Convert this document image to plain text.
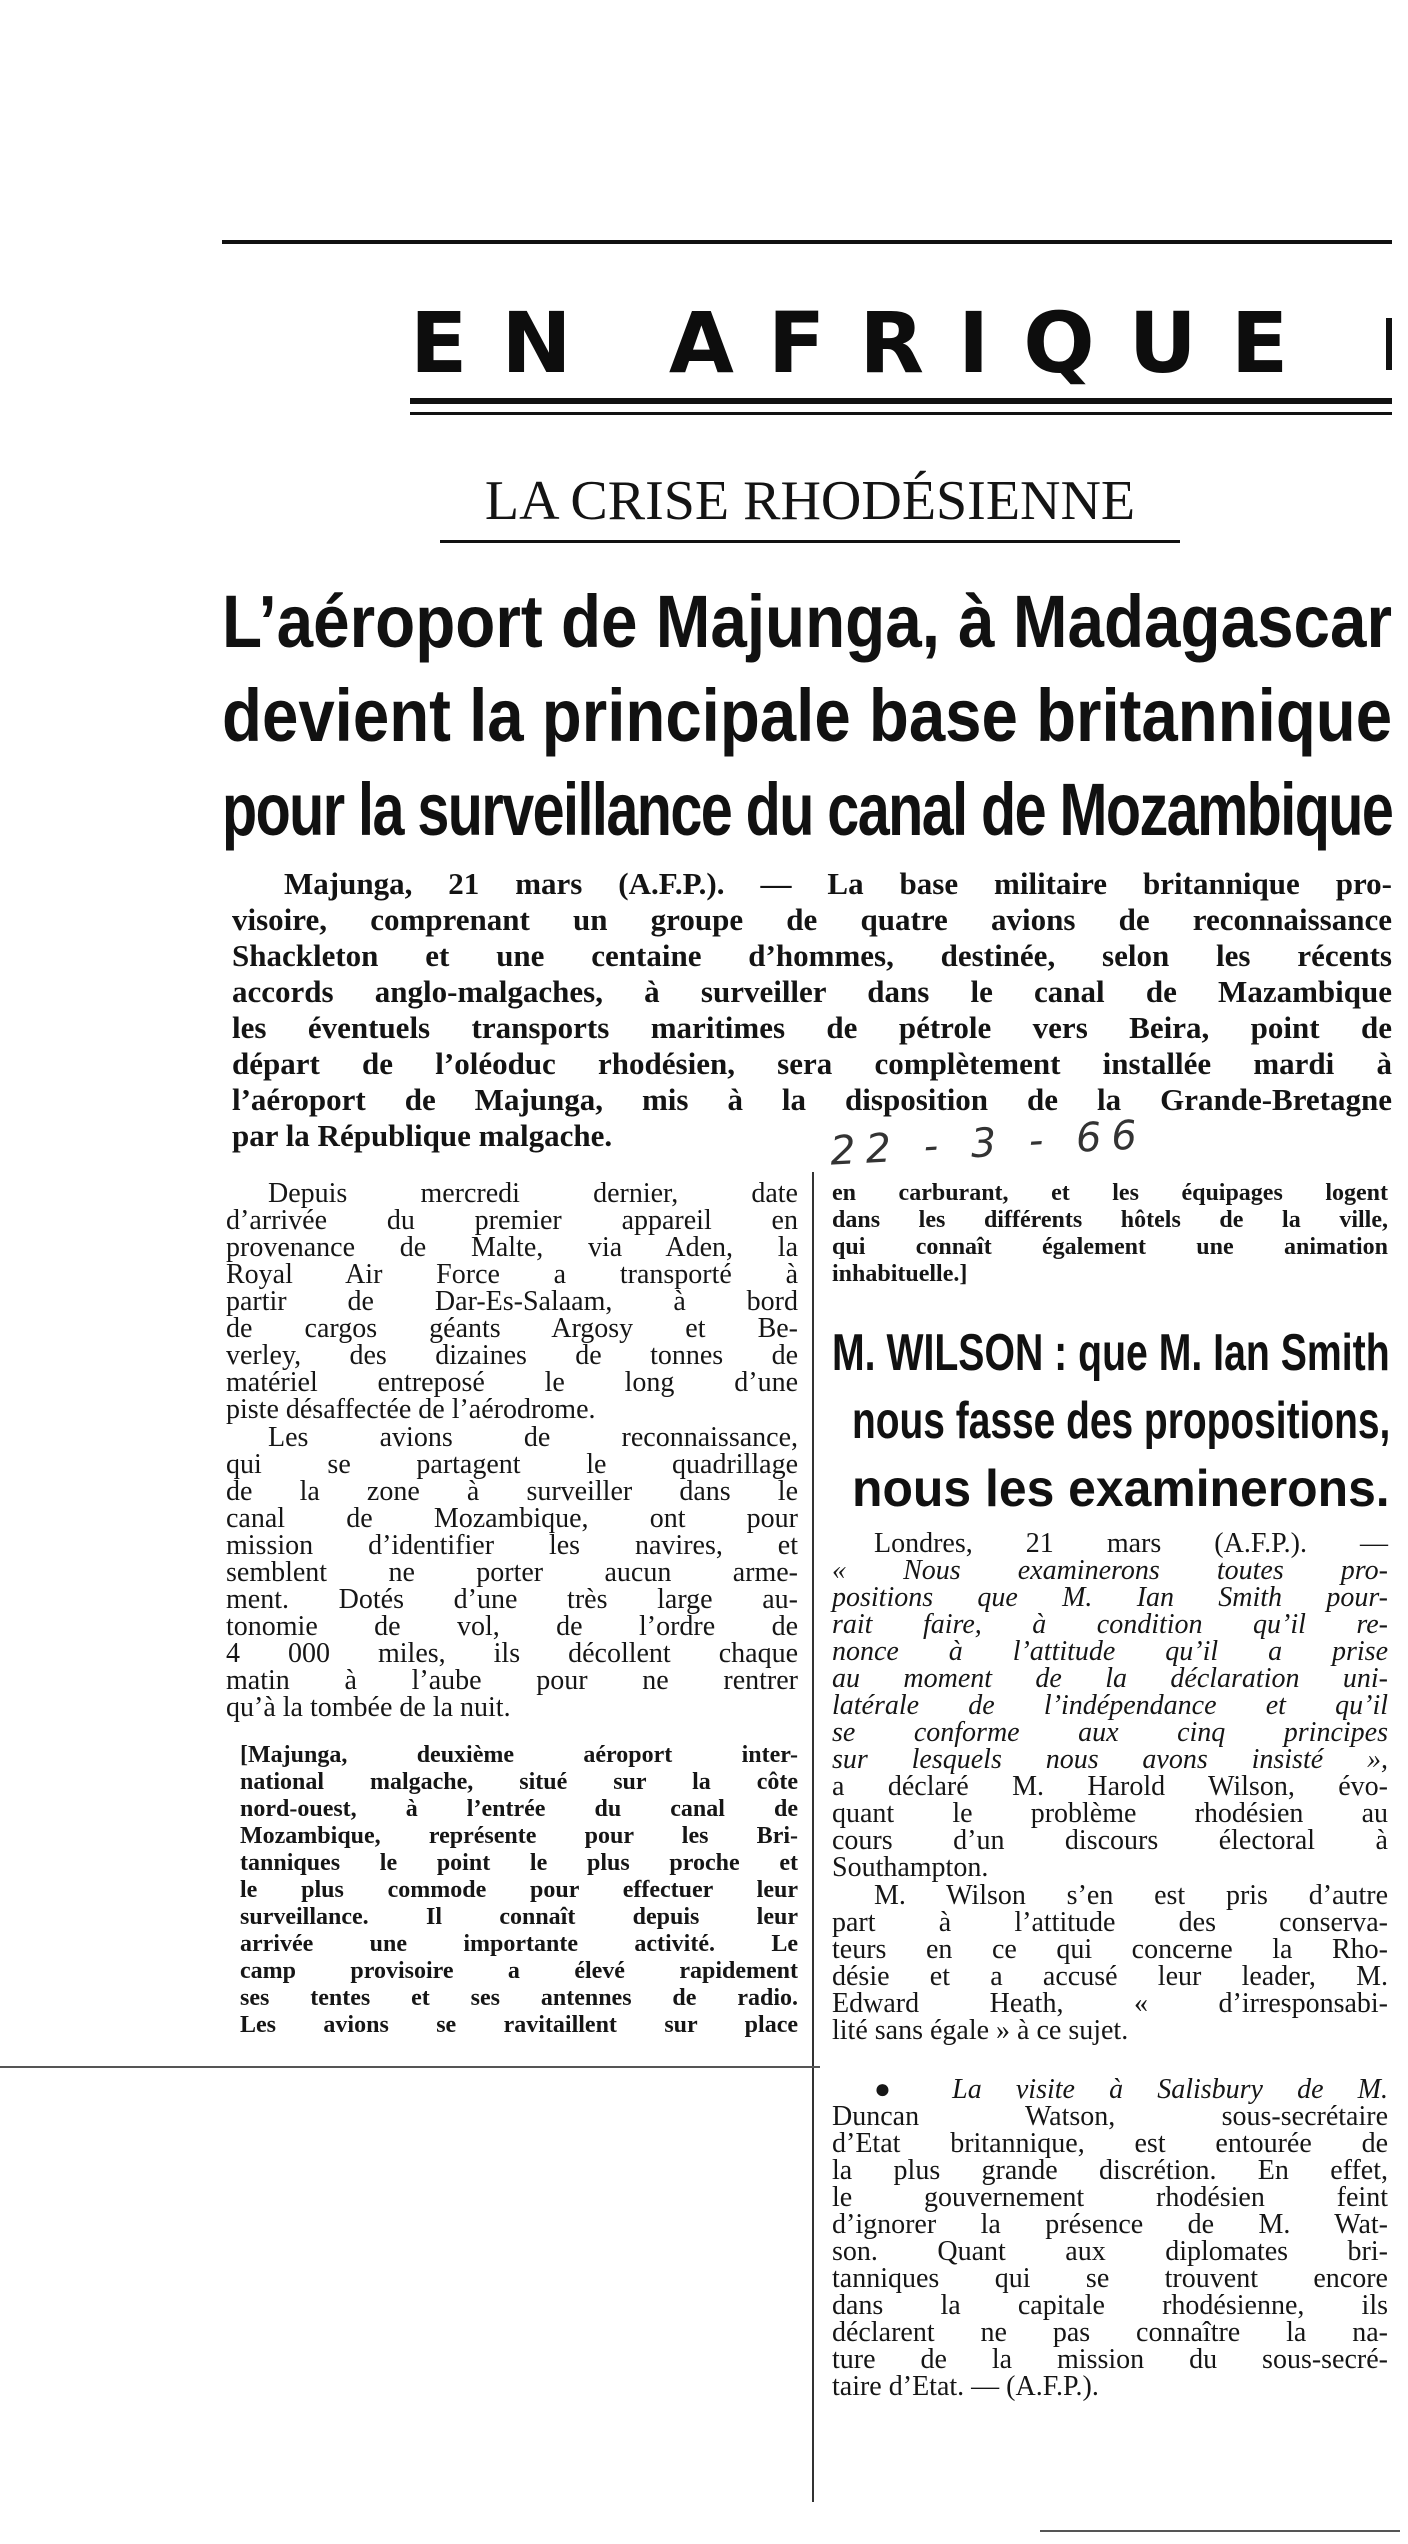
EN AFRIQUE
LA CRISE RHODÉSIENNE
L’aéroport de Majunga, à Madagascar
devient la principale base britannique
pour la surveillance du canal de Mozambique
Majunga, 21 mars (A.F.P.). — La base militaire britannique pro-
visoire, comprenant un groupe de quatre avions de reconnaissance
Shackleton et une centaine d’hommes, destinée, selon les récents
accords anglo-malgaches, à surveiller dans le canal de Mazambique
les éventuels transports maritimes de pétrole vers Beira, point de
départ de l’oléoduc rhodésien, sera complètement installée mardi à
l’aéroport de Majunga, mis à la disposition de la Grande-Bretagne
par la République malgache.	22 - 3 - 66
Depuis mercredi dernier, date
d’arrivée du premier appareil en
provenance de Malte, via Aden, la
Royal Air Force a transporté à
partir de Dar-Es-Salaam, à bord
de cargos géants Argosy et Be-
verley, des dizaines de tonnes de
matériel entreposé le long d’une
piste désaffectée de l’aérodrome.
Les avions de reconnaissance,
qui se partagent le quadrillage
de la zone à surveiller dans le
canal de Mozambique, ont pour
mission d’identifier les navires, et
semblent ne porter aucun arme-
ment. Dotés d’une très large au-
tonomie de vol, de l’ordre de
4 000 miles, ils décollent chaque
matin à l’aube pour ne rentrer
qu’à la tombée de la nuit.
[Majunga, deuxième aéroport inter-
national malgache, situé sur la côte
nord-ouest, à l’entrée du canal de
Mozambique, représente pour les Bri-
tanniques le point le plus proche et
le plus commode pour effectuer leur
surveillance. Il connaît depuis leur
arrivée une importante activité. Le
camp provisoire a élevé rapidement
ses tentes et ses antennes de radio.
Les avions se ravitaillent sur place
en carburant, et les équipages logent
dans les différents hôtels de la ville,
qui connaît également une animation
inhabituelle.]
M. WILSON : que M. Ian Smith
nous fasse des propositions,
nous les examinerons.
Londres, 21 mars (A.F.P.). —
« Nous examinerons toutes pro-
positions que M. Ian Smith pour-
rait faire, à condition qu’il re-
nonce à l’attitude qu’il a prise
au moment de la déclaration uni-
latérale de l’indépendance et qu’il
se conforme aux cinq principes
sur lesquels nous avons insisté »,
a déclaré M. Harold Wilson, évo-
quant le problème rhodésien au
cours d’un discours électoral à
Southampton.
M. Wilson s’en est pris d’autre
part à l’attitude des conserva-
teurs en ce qui concerne la Rho-
désie et a accusé leur leader, M.
Edward Heath, « d’irresponsabi-
lité sans égale » à ce sujet.
● La visite à Salisbury de M.
Duncan Watson, sous-secrétaire
d’Etat britannique, est entourée de
la plus grande discrétion. En effet,
le gouvernement rhodésien feint
d’ignorer la présence de M. Wat-
son. Quant aux diplomates bri-
tanniques qui se trouvent encore
dans la capitale rhodésienne, ils
déclarent ne pas connaître la na-
ture de la mission du sous-secré-
taire d’Etat. — (A.F.P.).
